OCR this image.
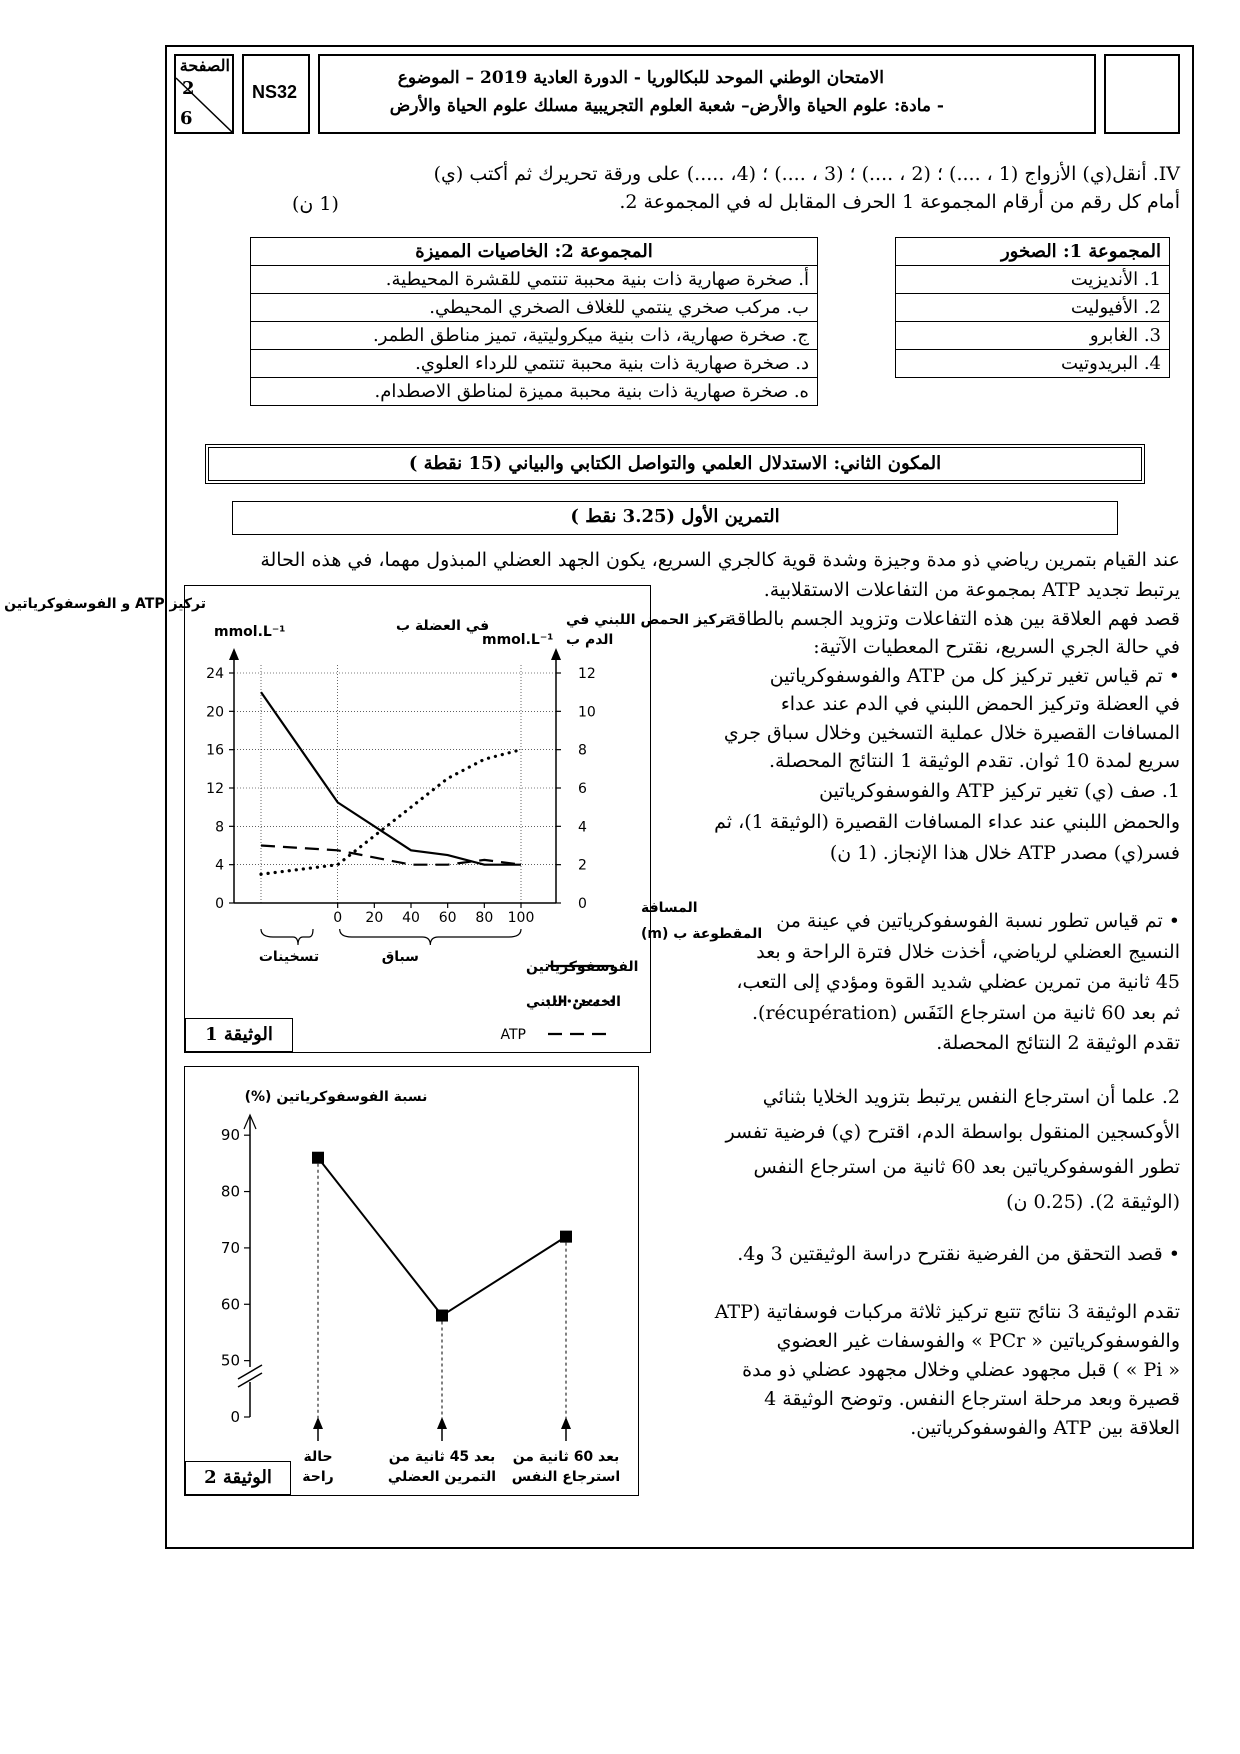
الصفحة
2
6
NS32
الامتحان الوطني الموحد للبكالوريا - الدورة العادية 2019 – الموضوع
- مادة: علوم الحياة والأرض– شعبة العلوم التجريبية مسلك علوم الحياة والأرض
IV. أنقل(ي) الأزواج (1 ، ....) ؛ (2 ، ....) ؛ (3 ، ....) ؛ (4، .....) على ورقة تحريرك ثم أكتب (ي)
أمام كل رقم من أرقام المجموعة 1 الحرف المقابل له في المجموعة 2.
(1 ن)
المجموعة 1: الصخور
1. الأنديزيت
2. الأفيوليت
3. الغابرو
4. البريدوتيت
المجموعة 2: الخاصيات المميزة
أ. صخرة صهارية ذات بنية محببة تنتمي للقشرة المحيطية.
ب. مركب صخري ينتمي للغلاف الصخري المحيطي.
ج. صخرة صهارية، ذات بنية ميكروليتية، تميز مناطق الطمر.
د. صخرة صهارية ذات بنية محببة تنتمي للرداء العلوي.
ه. صخرة صهارية ذات بنية محببة مميزة لمناطق الاصطدام.
المكون الثاني: الاستدلال العلمي والتواصل الكتابي والبياني (15 نقطة )
التمرين الأول (3.25 نقط )
عند القيام بتمرين رياضي ذو مدة وجيزة وشدة قوية كالجري السريع، يكون الجهد العضلي المبذول مهما، في هذه الحالة

يرتبط تجديد ATP بمجموعة من التفاعلات الاستقلابية.

قصد فهم العلاقة بين هذه التفاعلات وتزويد الجسم بالطاقة

في حالة الجري السريع، نقترح المعطيات الآتية:

• تم قياس تغير تركيز كل من ATP والفوسفوكرياتين

في العضلة وتركيز الحمض اللبني في الدم عند عداء

المسافات القصيرة خلال عملية التسخين وخلال سباق جري

سريع لمدة 10 ثوان. تقدم الوثيقة 1 النتائج المحصلة.

1. صف (ي) تغير تركيز ATP والفوسفوكرياتين

والحمض اللبني عند عداء المسافات القصيرة (الوثيقة 1)، ثم

فسر(ي) مصدر ATP خلال هذا الإنجاز. (1 ن)

• تم قياس تطور نسبة الفوسفوكرياتين في عينة من

النسيج العضلي لرياضي، أخذت خلال فترة الراحة و بعد

45 ثانية من تمرين عضلي شديد القوة ومؤدي إلى التعب،

ثم بعد 60 ثانية من استرجاع النَفَس (récupération).

تقدم الوثيقة 2 النتائج المحصلة.

2. علما أن استرجاع النفس يرتبط بتزويد الخلايا بثنائي

الأوكسجين المنقول بواسطة الدم، اقترح (ي) فرضية تفسر

تطور الفوسفوكرياتين بعد 60 ثانية من استرجاع النفس

(الوثيقة 2). (0.25 ن)

• قصد التحقق من الفرضية نقترح دراسة الوثيقتين 3 و4.

تقدم الوثيقة 3 نتائج تتبع تركيز ثلاثة مركبات فوسفاتية (ATP

والفوسفوكرياتين « PCr » والفوسفات غير العضوي

« Pi » ) قبل مجهود عضلي وخلال مجهود عضلي ذو مدة

قصيرة وبعد مرحلة استرجاع النفس. وتوضح الوثيقة 4

العلاقة بين ATP والفوسفوكرياتين.

تركيز ATP و الفوسفوكرياتين
في العضلة ب
mmol.L⁻¹
تركيز الحمض اللبني في
الدم ب
mmol.L⁻¹
0
4
8
12
16
20
24
0
2
4
6
8
10
12
0 20 40 60 80 100
المسافة
المقطوعة ب (m)
تسخينات	سباق
الفوسفوكرياتين
الحمض اللبني
ATP
الوثيقة 1
نسبة الفوسفوكرياتين (%)
0
50
60
70
80
90
حالة
راحة
بعد 45 ثانية من
التمرين العضلي
بعد 60 ثانية من
استرجاع النفس
الوثيقة 2
